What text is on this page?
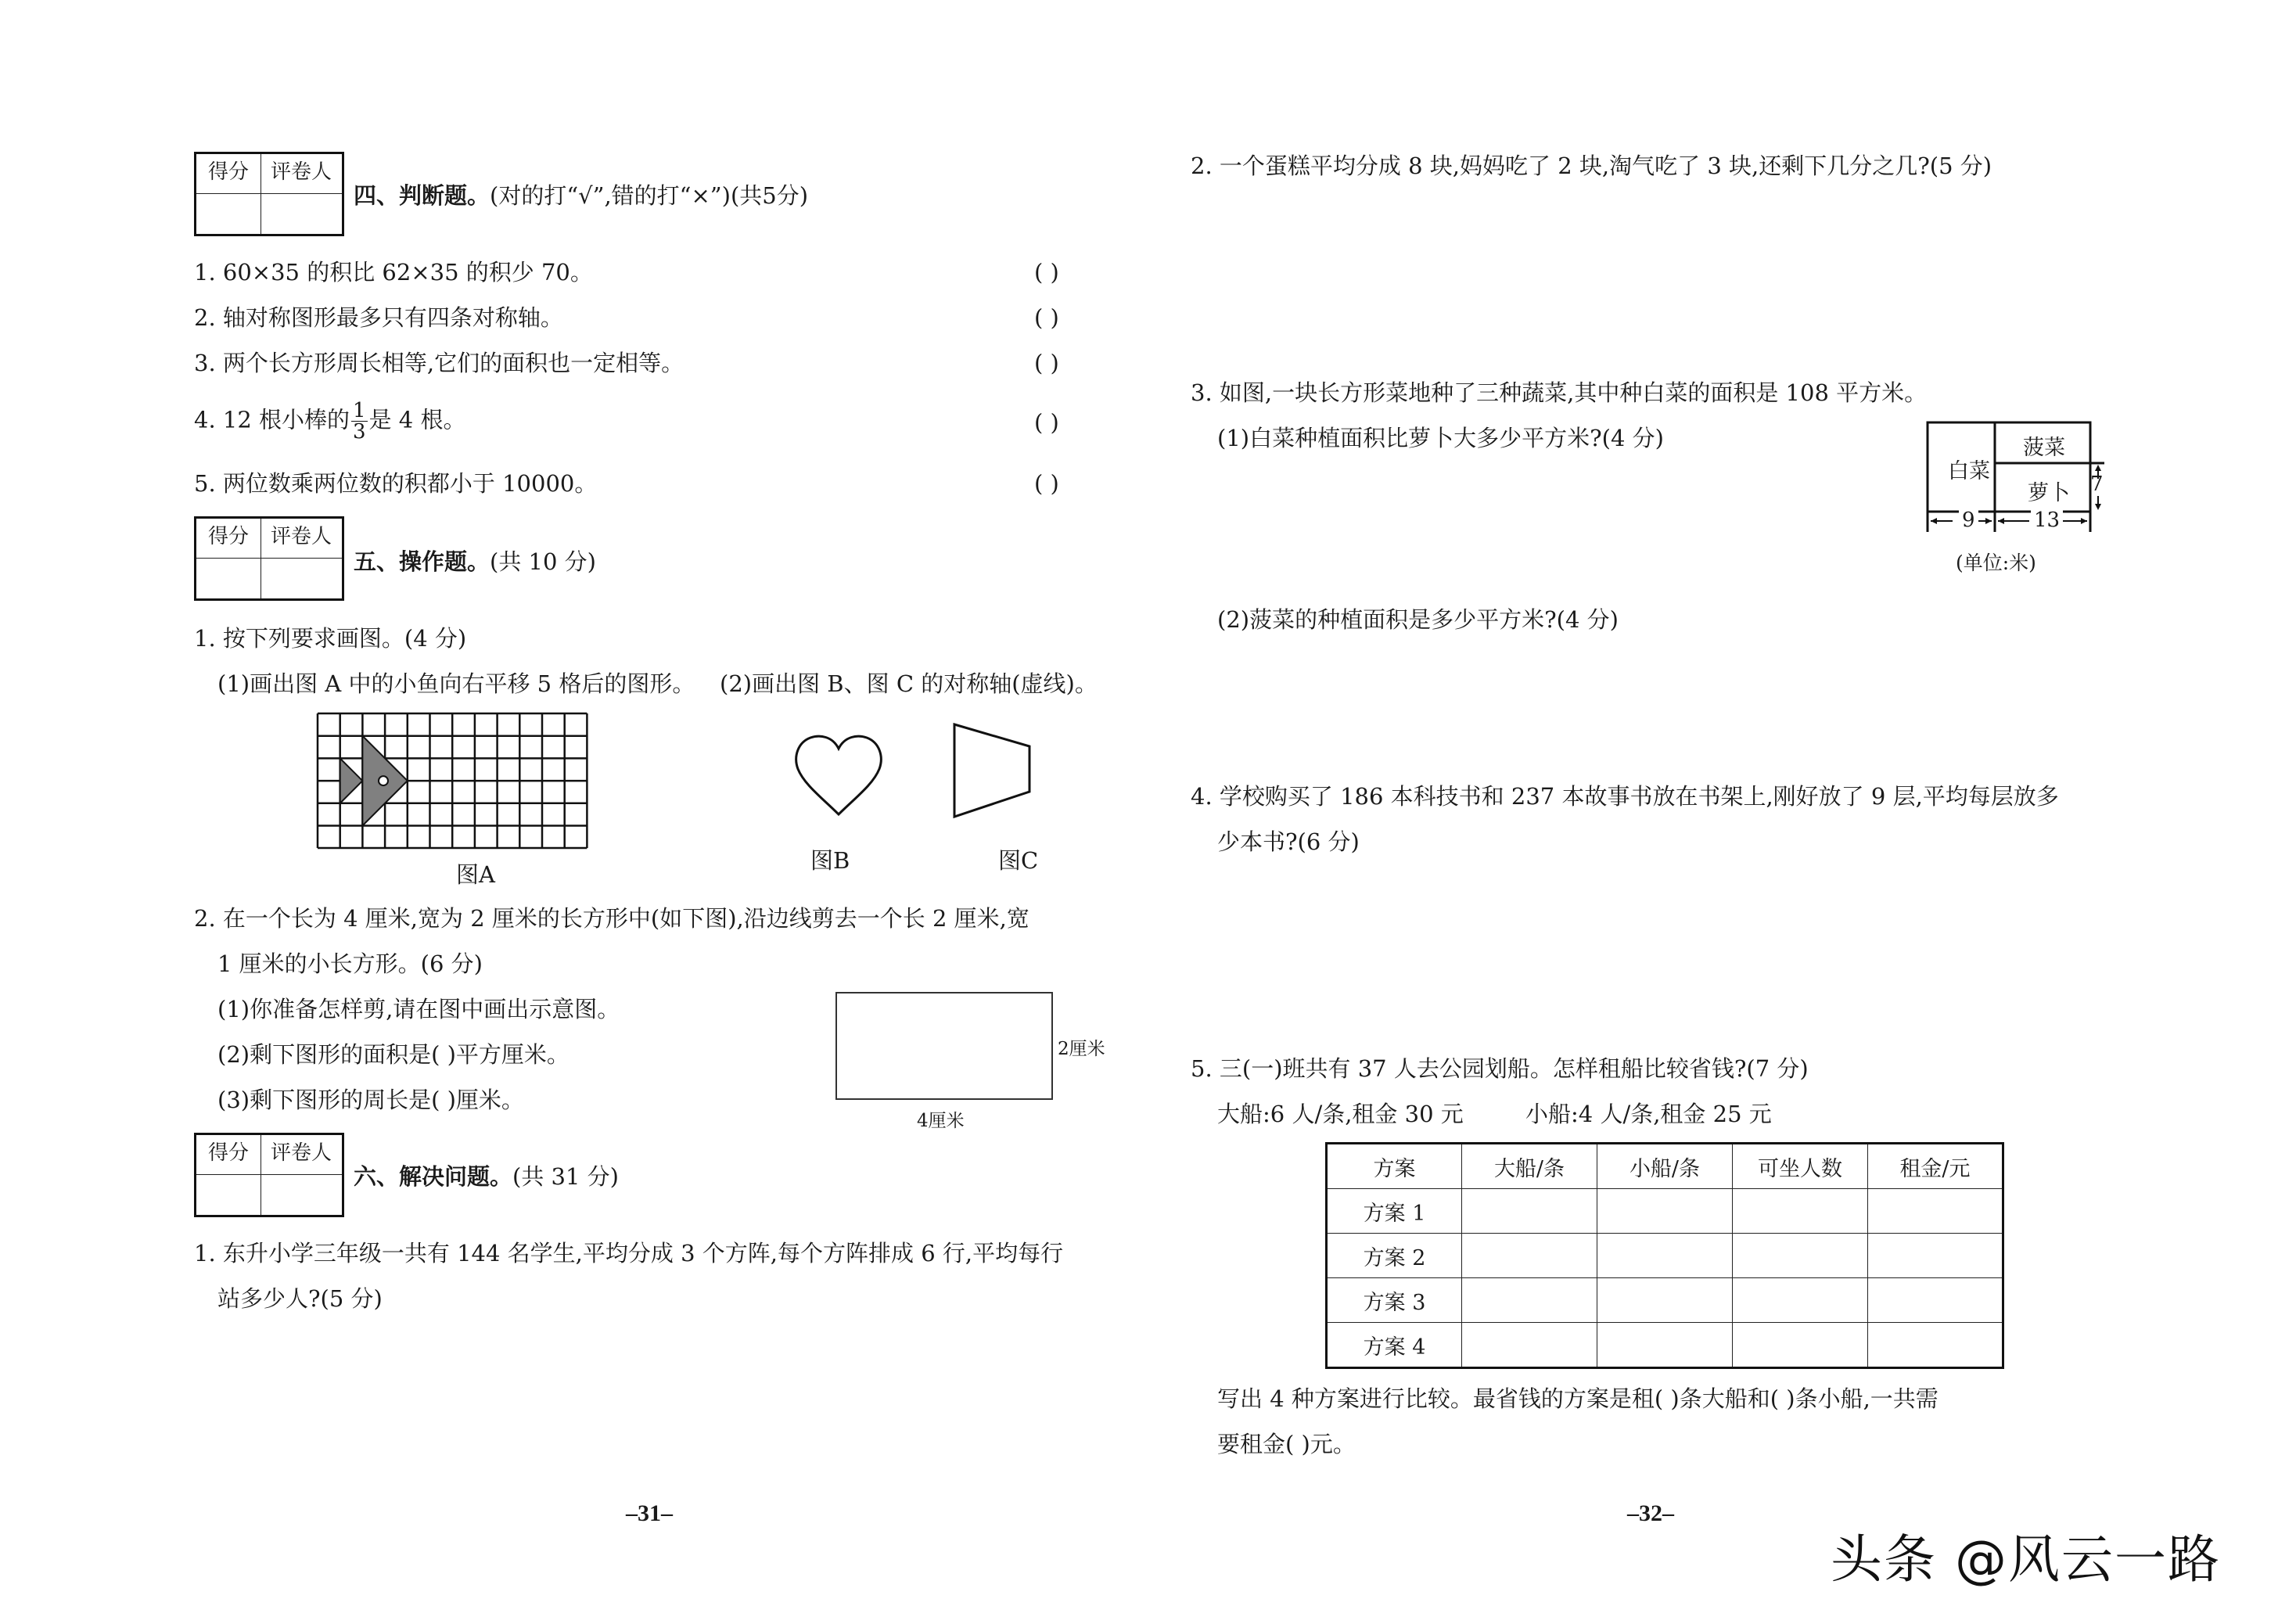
得分	评卷人
四、判断题。(对的打“√”,错的打“×”)(共5分)
1. 60×35 的积比 62×35 的积少 70。	( )
2. 轴对称图形最多只有四条对称轴。	( )
3. 两个长方形周长相等,它们的面积也一定相等。	( )
4. 12 根小棒的 $\frac{1}{3}$ 是 4 根。	( )
5. 两位数乘两位数的积都小于 10000。	( )
得分	评卷人
五、操作题。(共 10 分)
1. 按下列要求画图。(4 分)
(1)画出图 A 中的小鱼向右平移 5 格后的图形。 (2)画出图 B、图 C 的对称轴(虚线)。
图A
图B	图C
2. 在一个长为 4 厘米,宽为 2 厘米的长方形中(如下图),沿边线剪去一个长 2 厘米,宽
1 厘米的小长方形。(6 分)
(1)你准备怎样剪,请在图中画出示意图。
(2)剩下图形的面积是( )平方厘米。
(3)剩下图形的周长是( )厘米。
2厘米
4厘米
得分	评卷人
六、解决问题。(共 31 分)
1. 东升小学三年级一共有 144 名学生,平均分成 3 个方阵,每个方阵排成 6 行,平均每行
站多少人?(5 分)
–31–
2. 一个蛋糕平均分成 8 块,妈妈吃了 2 块,淘气吃了 3 块,还剩下几分之几?(5 分)
3. 如图,一块长方形菜地种了三种蔬菜,其中种白菜的面积是 108 平方米。
(1)白菜种植面积比萝卜大多少平方米?(4 分)
(2)菠菜的种植面积是多少平方米?(4 分)
白菜
菠菜
萝卜
9	13
7
(单位:米)
4. 学校购买了 186 本科技书和 237 本故事书放在书架上,刚好放了 9 层,平均每层放多
少本书?(6 分)
5. 三(一)班共有 37 人去公园划船。怎样租船比较省钱?(7 分)
大船:6 人/条,租金 30 元	小船:4 人/条,租金 25 元
方案	大船/条	小船/条	可坐人数	租金/元
方案 1				
方案 2				
方案 3				
方案 4				
写出 4 种方案进行比较。最省钱的方案是租( )条大船和( )条小船,一共需
要租金( )元。
–32–
头条 @风云一路
